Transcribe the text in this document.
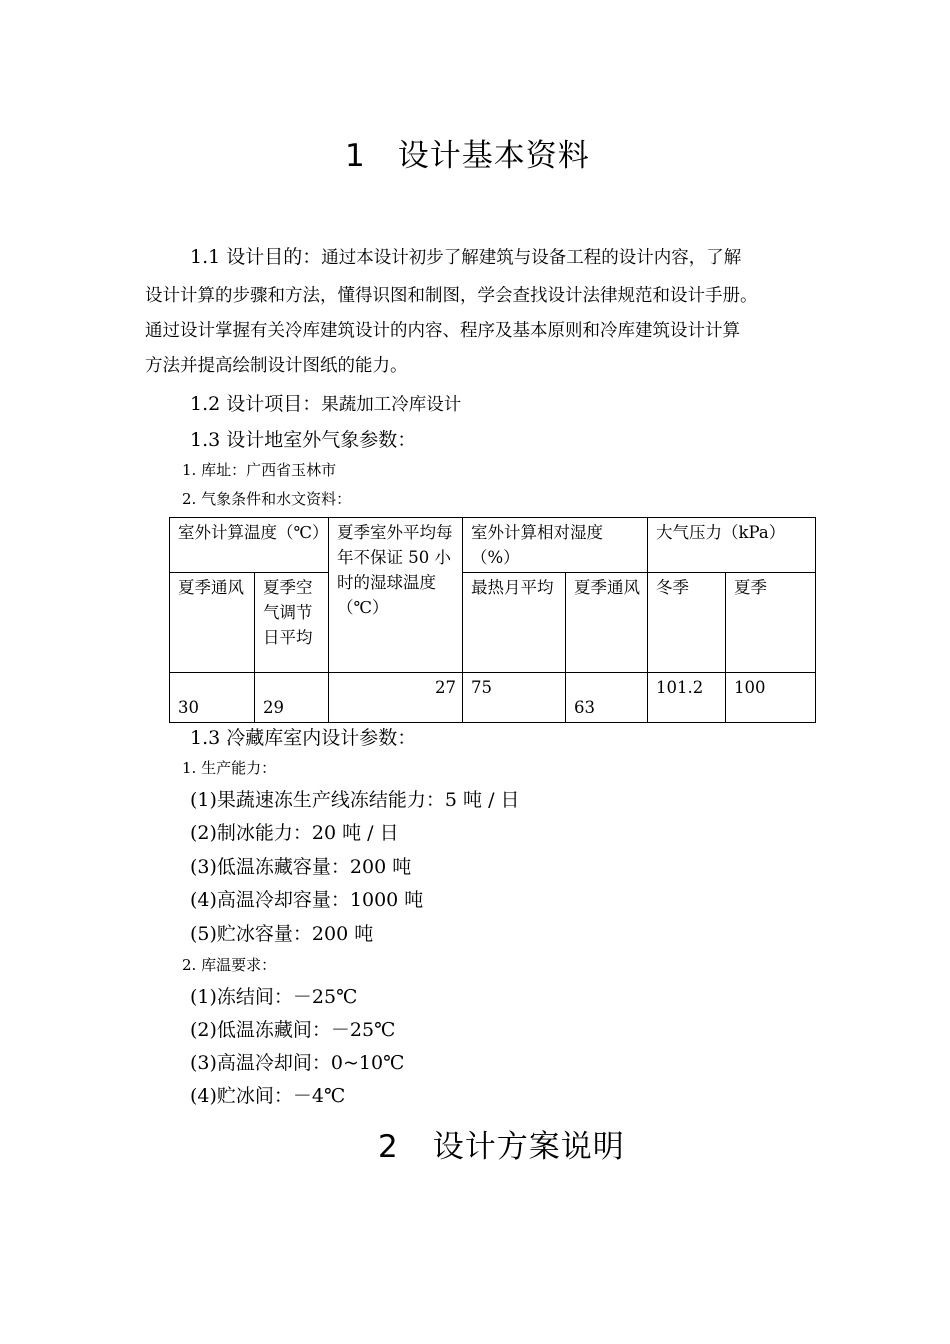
1 设计基本资料
1.1 设计目的：通过本设计初步了解建筑与设备工程的设计内容，了解
设计计算的步骤和方法，懂得识图和制图，学会查找设计法律规范和设计手册。
通过设计掌握有关冷库建筑设计的内容、程序及基本原则和冷库建筑设计计算
方法并提高绘制设计图纸的能力。
1.2 设计项目：果蔬加工冷库设计
1.3 设计地室外气象参数：
1. 库址：广西省玉林市
2. 气象条件和水文资料：
室外计算温度（℃）		夏季室外平均每年不保证 50 小时的湿球温度（℃）	室外计算相对湿度（%）		大气压力（kPa）	
夏季通风	夏季空气调节日平均		最热月平均	夏季通风	冬季	夏季
30	29	27	75	63	101.2	100
1.3 冷藏库室内设计参数：
1. 生产能力：
(1)果蔬速冻生产线冻结能力：5 吨 / 日
(2)制冰能力：20 吨 / 日
(3)低温冻藏容量：200 吨
(4)高温冷却容量：1000 吨
(5)贮冰容量：200 吨
2. 库温要求：
(1)冻结间：－25℃
(2)低温冻藏间：－25℃
(3)高温冷却间：0~10℃
(4)贮冰间：－4℃
2 设计方案说明
